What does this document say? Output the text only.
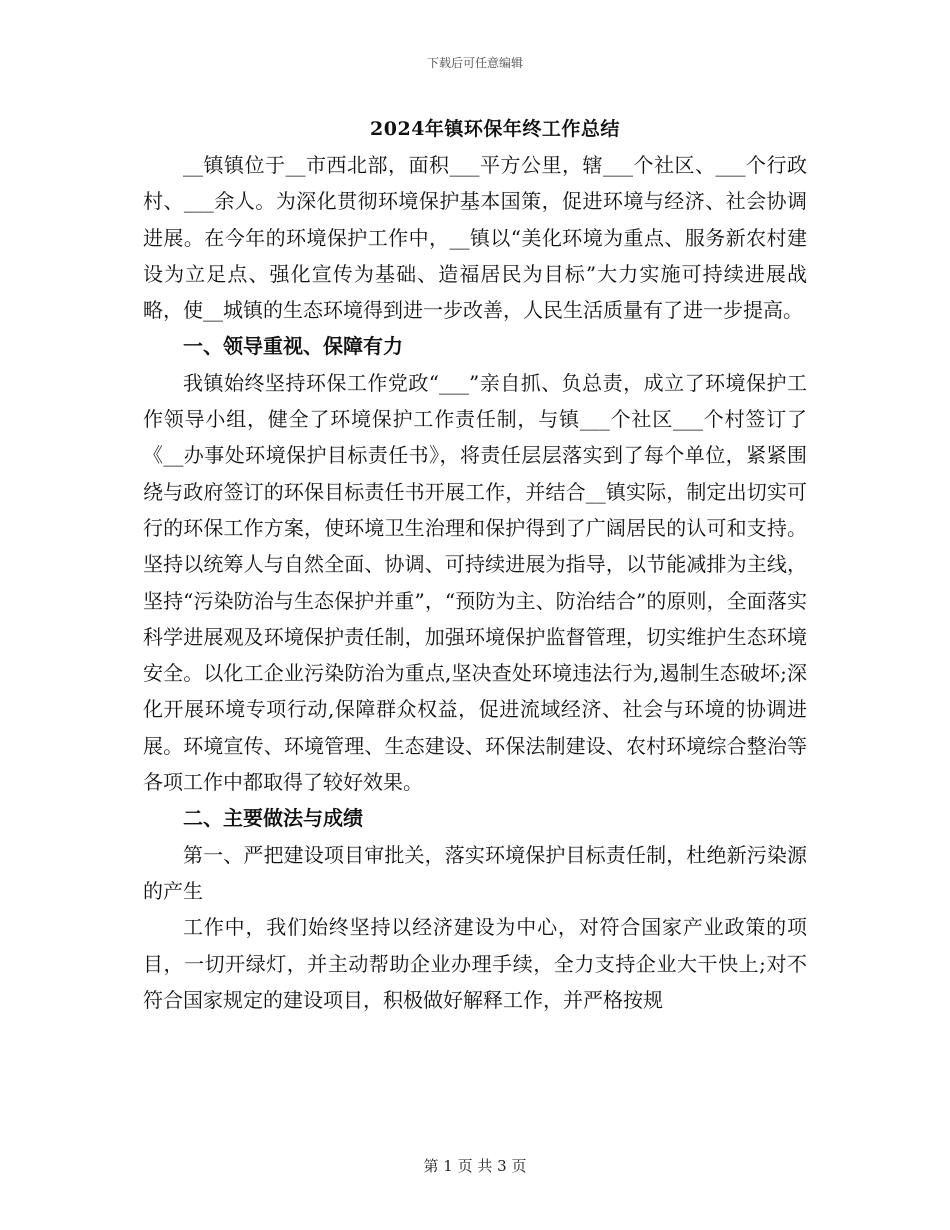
下载后可任意编辑
2024年镇环保年终工作总结

__镇镇位于__市西北部，面积___平方公里，辖___个社区、___个行政村、___余人。为深化贯彻环境保护基本国策，促进环境与经济、社会协调进展。在今年的环境保护工作中，__镇以“美化环境为重点、服务新农村建设为立足点、强化宣传为基础、造福居民为目标”大力实施可持续进展战略，使__城镇的生态环境得到进一步改善，人民生活质量有了进一步提高。

一、领导重视、保障有力

我镇始终坚持环保工作党政“___”亲自抓、负总责，成立了环境保护工作领导小组，健全了环境保护工作责任制，与镇___个社区___个村签订了《__办事处环境保护目标责任书》，将责任层层落实到了每个单位，紧紧围绕与政府签订的环保目标责任书开展工作，并结合__镇实际，制定出切实可行的环保工作方案，使环境卫生治理和保护得到了广阔居民的认可和支持。坚持以统筹人与自然全面、协调、可持续进展为指导，以节能减排为主线，坚持“污染防治与生态保护并重”，“预防为主、防治结合”的原则，全面落实科学进展观及环境保护责任制，加强环境保护监督管理，切实维护生态环境安全。以化工企业污染防治为重点,坚决查处环境违法行为,遏制生态破坏;深化开展环境专项行动,保障群众权益，促进流域经济、社会与环境的协调进展。环境宣传、环境管理、生态建设、环保法制建设、农村环境综合整治等各项工作中都取得了较好效果。

二、主要做法与成绩

第一、严把建设项目审批关，落实环境保护目标责任制，杜绝新污染源的产生

工作中，我们始终坚持以经济建设为中心，对符合国家产业政策的项目，一切开绿灯，并主动帮助企业办理手续，全力支持企业大干快上;对不符合国家规定的建设项目，积极做好解释工作，并严格按规

第 1 页 共 3 页
